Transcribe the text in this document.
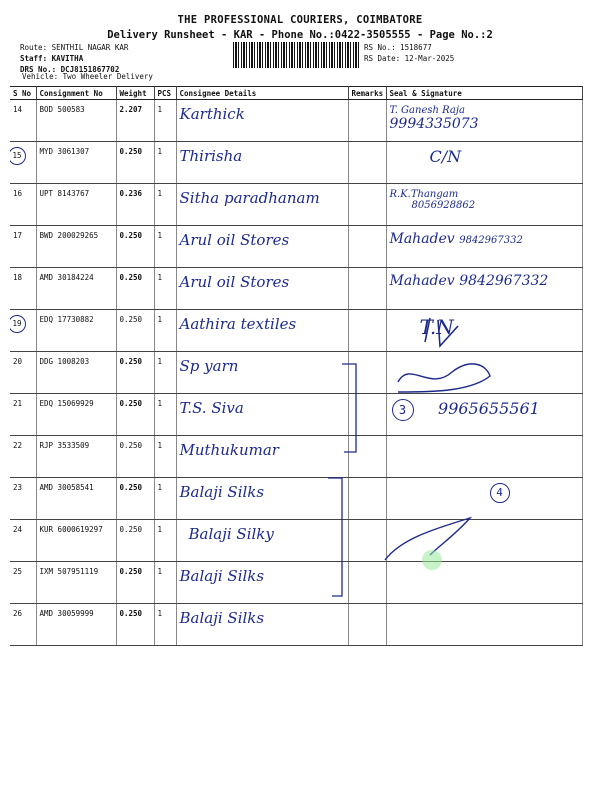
THE PROFESSIONAL COURIERS, COIMBATORE
Delivery Runsheet - KAR - Phone No.:0422-3505555 - Page No.:2
Route: SENTHIL NAGAR KAR
Staff: KAVITHA
DRS No.: DCJ8151867702
RS No.: 1518677
RS Date: 12-Mar-2025
Vehicle: Two Wheeler Delivery
S No	Consignment No	Weight	PCS	Consignee Details	Remarks	Seal & Signature
14	BOD 500583	2.207	1	Karthick		T. Ganesh Raja
9994335073

15	MYD 3061307	0.250	1	Thirisha		C/N

16	UPT 8143767	0.236	1	Sitha paradhanam		R.K.Thangam
8056928862

17	BWD 200029265	0.250	1	Arul oil Stores		Mahadev 9842967332
18	AMD 30184224	0.250	1	Arul oil Stores		Mahadev 9842967332
19	EDQ 17730882	0.250	1	Aathira textiles		T.N

20	DDG 1008203	0.250	1	Sp yarn		
21	EDQ 15069929	0.250	1	T.S. Siva		3 9965655561
22	RJP 3533509	0.250	1	Muthukumar		
23	AMD 30058541	0.250	1	Balaji Silks		4
24	KUR 6000619297	0.250	1	Balaji Silky		
25	IXM 507951119	0.250	1	Balaji Silks		
26	AMD 30059999	0.250	1	Balaji Silks		
